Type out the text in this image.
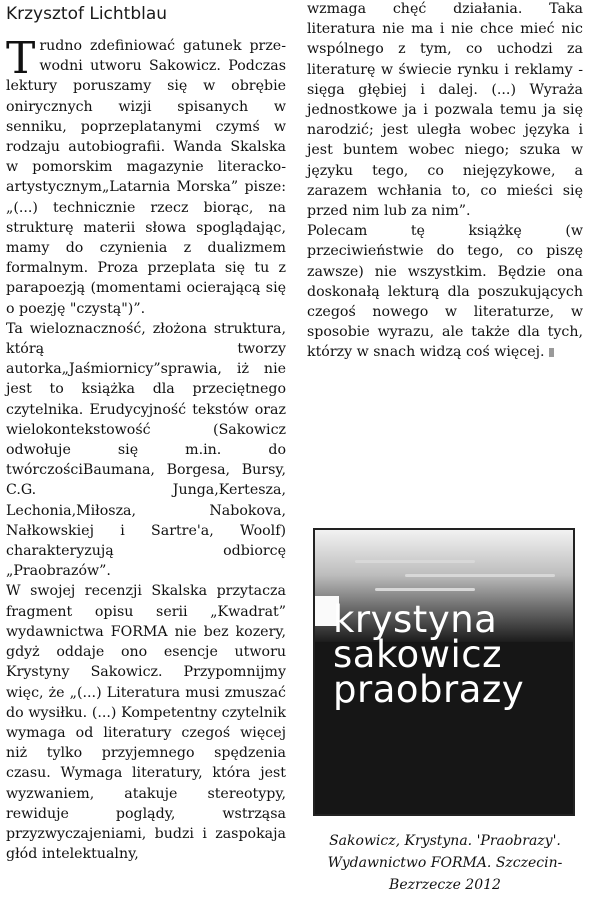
Krzysztof Lichtblau

T rudno zdefiniować gatunek prze-wodni utworu Sakowicz. Podczas lektury poruszamy się w obrębie onirycznych wizji spisanych w senniku, poprzeplatanymi czymś w rodzaju autobiografii. Wanda Skalska w pomorskim magazynie literacko-artystycznym„Latarnia Morska” pisze: „(...) technicznie rzecz biorąc, na strukturę materii słowa spoglądając, mamy do czynienia z dualizmem formalnym. Proza przeplata się tu z parapoezją (momentami ocierającą się o poezję "czystą")”.

Ta wieloznaczność, złożona struktura, którą tworzy autorka„Jaśmiornicy”sprawia, iż nie jest to książka dla przeciętnego czytelnika. Erudycyjność tekstów oraz wielokontekstowość (Sakowicz odwołuje się m.in. do twórczościBaumana, Borgesa, Bursy, C.G. Junga,Kertesza, Lechonia,Miłosza, Nabokova, Nałkowskiej i Sartre'a, Woolf) charakteryzują odbiorcę „Praobrazów”.

W swojej recenzji Skalska przytacza fragment opisu serii „Kwadrat” wydawnictwa FORMA nie bez kozery, gdyż oddaje ono esencje utworu Krystyny Sakowicz. Przypomnijmy więc, że „(...) Literatura musi zmuszać do wysiłku. (...) Kompetentny czytelnik wymaga od literatury czegoś więcej niż tylko przyjemnego spędzenia czasu. Wymaga literatury, która jest wyzwaniem, atakuje stereotypy, rewiduje poglądy, wstrząsa przyzwyczajeniami, budzi i zaspokaja głód intelektualny,

wzmaga chęć działania. Taka literatura nie ma i nie chce mieć nic wspólnego z tym, co uchodzi za literaturę w świecie rynku i reklamy - sięga głębiej i dalej. (...) Wyraża jednostkowe ja i pozwala temu ja się narodzić; jest uległa wobec języka i jest buntem wobec niego; szuka w języku tego, co niejęzykowe, a zarazem wchłania to, co mieści się przed nim lub za nim”.

Polecam tę książkę (w przeciwieństwie do tego, co piszę zawsze) nie wszystkim. Będzie ona doskonałą lekturą dla poszukujących czegoś nowego w literaturze, w sposobie wyrazu, ale także dla tych, którzy w snach widzą coś więcej.

krystyna
sakowicz
praobrazy
Sakowicz, Krystyna. 'Praobrazy'.
Wydawnictwo FORMA. Szczecin-
Bezrzecze 2012
